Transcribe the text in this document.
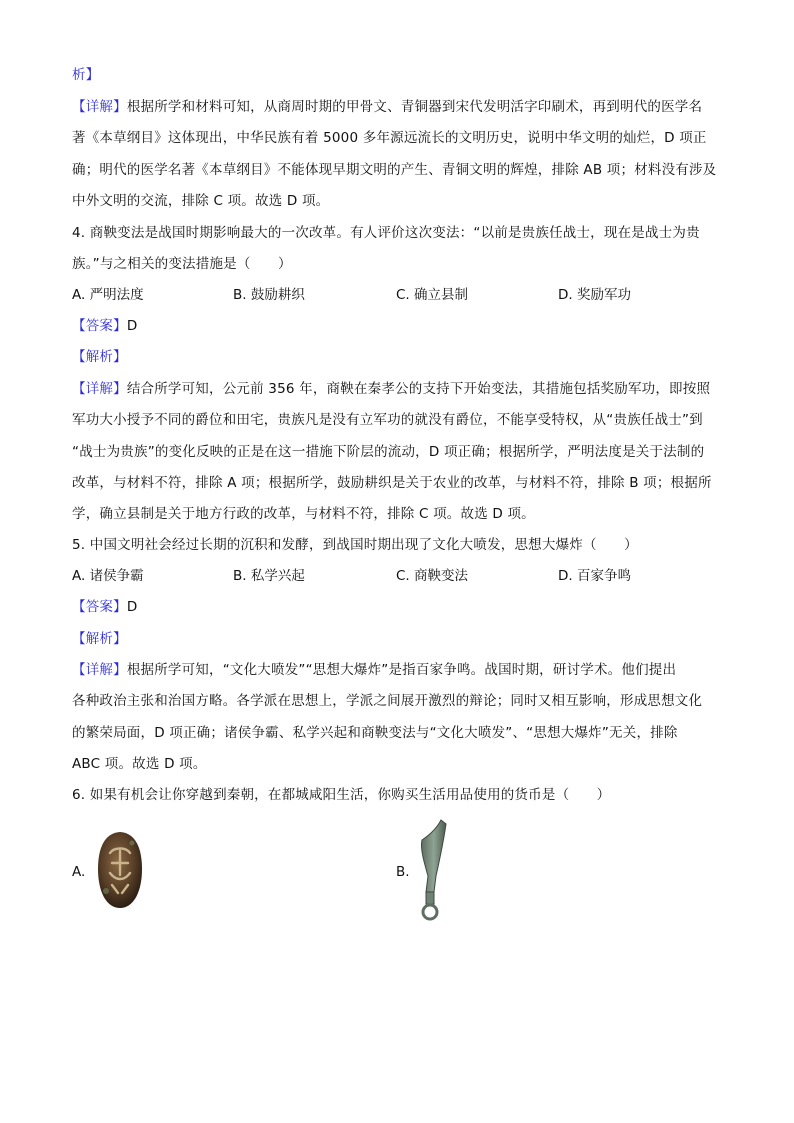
析】
【详解】根据所学和材料可知，从商周时期的甲骨文、青铜器到宋代发明活字印刷术，再到明代的医学名
著《本草纲目》这体现出，中华民族有着 5000 多年源远流长的文明历史，说明中华文明的灿烂，D 项正
确；明代的医学名著《本草纲目》不能体现早期文明的产生、青铜文明的辉煌，排除 AB 项；材料没有涉及
中外文明的交流，排除 C 项。故选 D 项。
4. 商鞅变法是战国时期影响最大的一次改革。有人评价这次变法：“以前是贵族任战士，现在是战士为贵
族。”与之相关的变法措施是（　　）
A. 严明法度	B. 鼓励耕织	C. 确立县制	D. 奖励军功
【答案】D
【解析】
【详解】结合所学可知，公元前 356 年，商鞅在秦孝公的支持下开始变法，其措施包括奖励军功，即按照
军功大小授予不同的爵位和田宅，贵族凡是没有立军功的就没有爵位，不能享受特权，从“贵族任战士”到
“战士为贵族”的变化反映的正是在这一措施下阶层的流动，D 项正确；根据所学，严明法度是关于法制的
改革，与材料不符，排除 A 项；根据所学，鼓励耕织是关于农业的改革，与材料不符，排除 B 项；根据所
学，确立县制是关于地方行政的改革，与材料不符，排除 C 项。故选 D 项。
5. 中国文明社会经过长期的沉积和发酵，到战国时期出现了文化大喷发，思想大爆炸（　　）
A. 诸侯争霸	B. 私学兴起	C. 商鞅变法	D. 百家争鸣
【答案】D
【解析】
【详解】根据所学可知，“文化大喷发”“思想大爆炸”是指百家争鸣。战国时期，研讨学术。他们提出
各种政治主张和治国方略。各学派在思想上，学派之间展开激烈的辩论；同时又相互影响，形成思想文化
的繁荣局面，D 项正确；诸侯争霸、私学兴起和商鞅变法与“文化大喷发”、“思想大爆炸”无关，排除
ABC 项。故选 D 项。
6. 如果有机会让你穿越到秦朝，在都城咸阳生活，你购买生活用品使用的货币是（　　）
A.	B.
